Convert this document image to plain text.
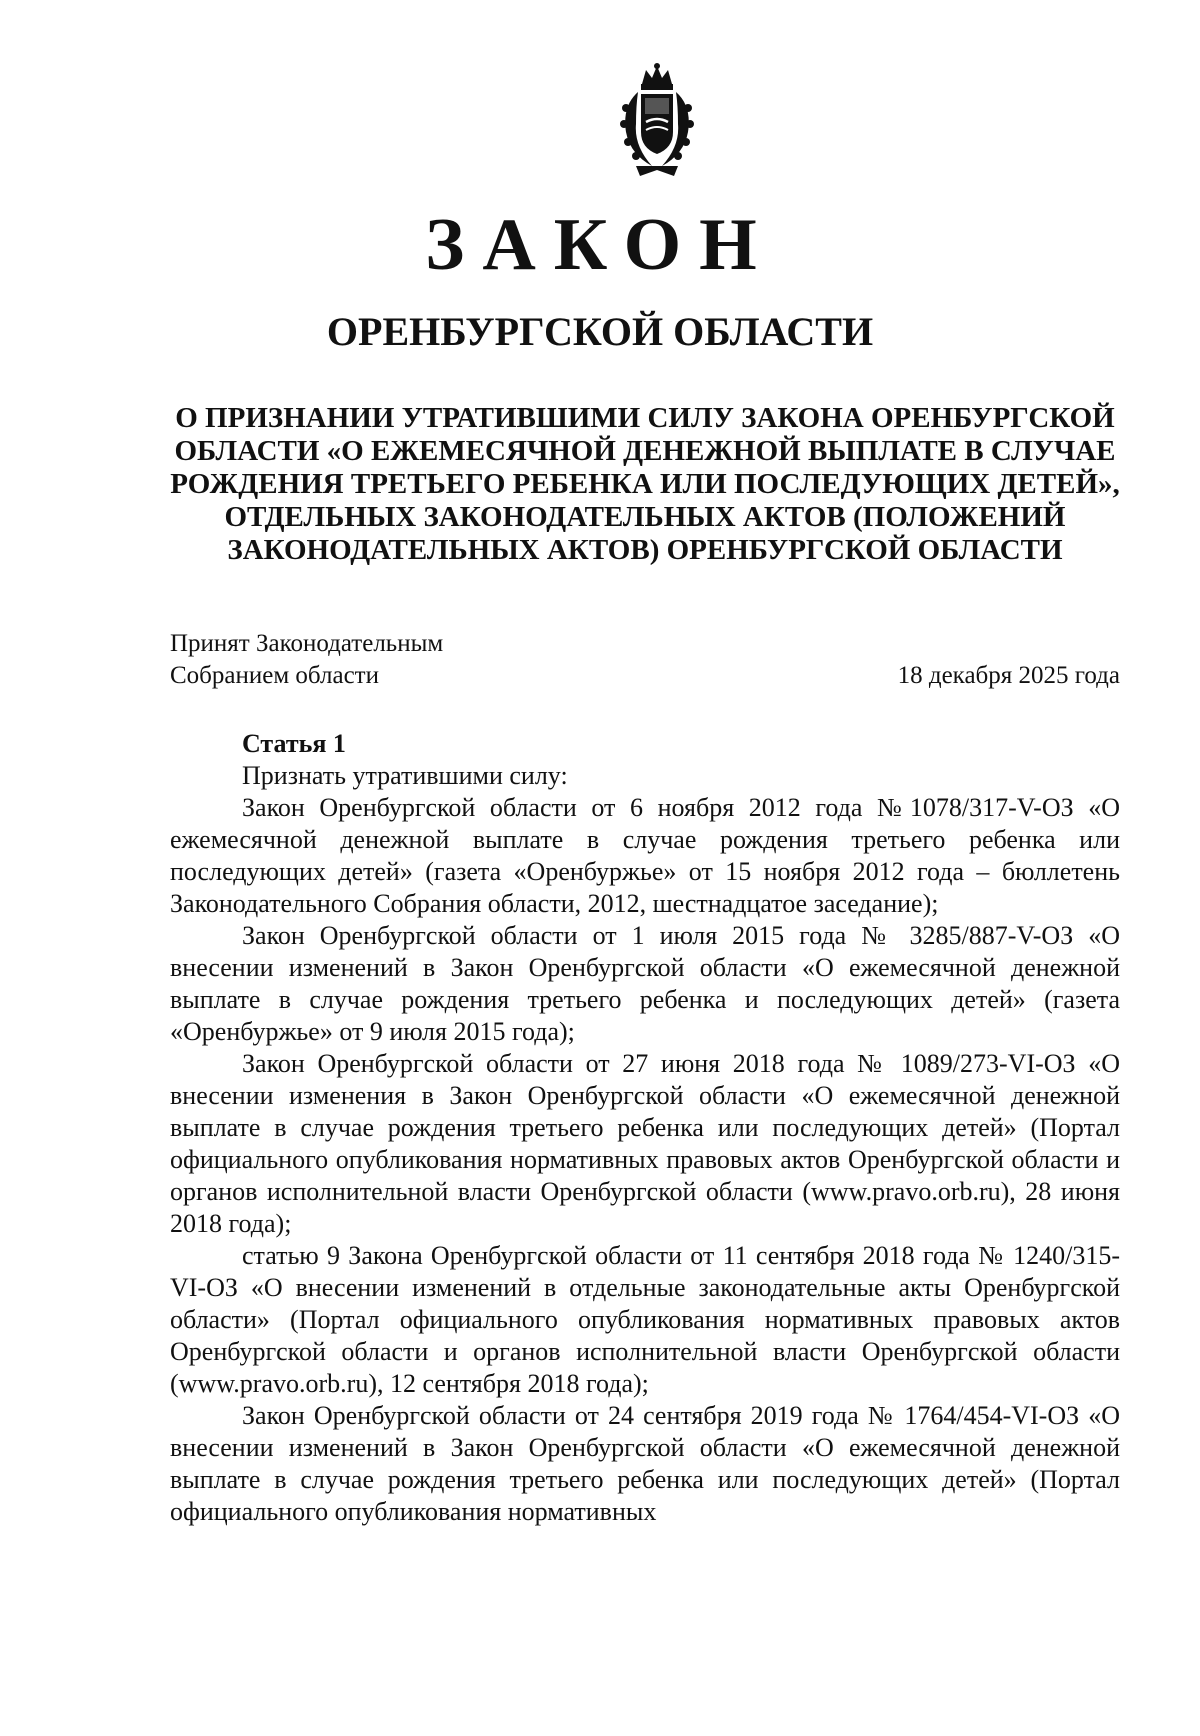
ЗАКОН
ОРЕНБУРГСКОЙ ОБЛАСТИ
О ПРИЗНАНИИ УТРАТИВШИМИ СИЛУ ЗАКОНА ОРЕНБУРГСКОЙ
ОБЛАСТИ «О ЕЖЕМЕСЯЧНОЙ ДЕНЕЖНОЙ ВЫПЛАТЕ В СЛУЧАЕ
РОЖДЕНИЯ ТРЕТЬЕГО РЕБЕНКА ИЛИ ПОСЛЕДУЮЩИХ ДЕТЕЙ»,
ОТДЕЛЬНЫХ ЗАКОНОДАТЕЛЬНЫХ АКТОВ (ПОЛОЖЕНИЙ
ЗАКОНОДАТЕЛЬНЫХ АКТОВ) ОРЕНБУРГСКОЙ ОБЛАСТИ
Принят Законодательным
Собранием области	18 декабря 2025 года

Статья 1

Признать утратившими силу:

Закон Оренбургской области от 6 ноября 2012 года №1078/317-V-ОЗ «О ежемесячной денежной выплате в случае рождения третьего ребенка или последующих детей» (газета «Оренбуржье» от 15 ноября 2012 года – бюллетень Законодательного Собрания области, 2012, шестнадцатое заседание);

Закон Оренбургской области от 1 июля 2015 года № 3285/887-V-ОЗ «О внесении изменений в Закон Оренбургской области «О ежемесячной денежной выплате в случае рождения третьего ребенка и последующих детей» (газета «Оренбуржье» от 9 июля 2015 года);

Закон Оренбургской области от 27 июня 2018 года № 1089/273-VI-ОЗ «О внесении изменения в Закон Оренбургской области «О ежемесячной денежной выплате в случае рождения третьего ребенка или последующих детей» (Портал официального опубликования нормативных правовых актов Оренбургской области и органов исполнительной власти Оренбургской области (www.pravo.orb.ru), 28 июня 2018 года);

статью 9 Закона Оренбургской области от 11 сентября 2018 года № 1240/315-VI-ОЗ «О внесении изменений в отдельные законодательные акты Оренбургской области» (Портал официального опубликования нормативных правовых актов Оренбургской области и органов исполнительной власти Оренбургской области (www.pravo.orb.ru), 12 сентября 2018 года);

Закон Оренбургской области от 24 сентября 2019 года № 1764/454-VI-ОЗ «О внесении изменений в Закон Оренбургской области «О ежемесячной денежной выплате в случае рождения третьего ребенка или последующих детей» (Портал официального опубликования нормативных
